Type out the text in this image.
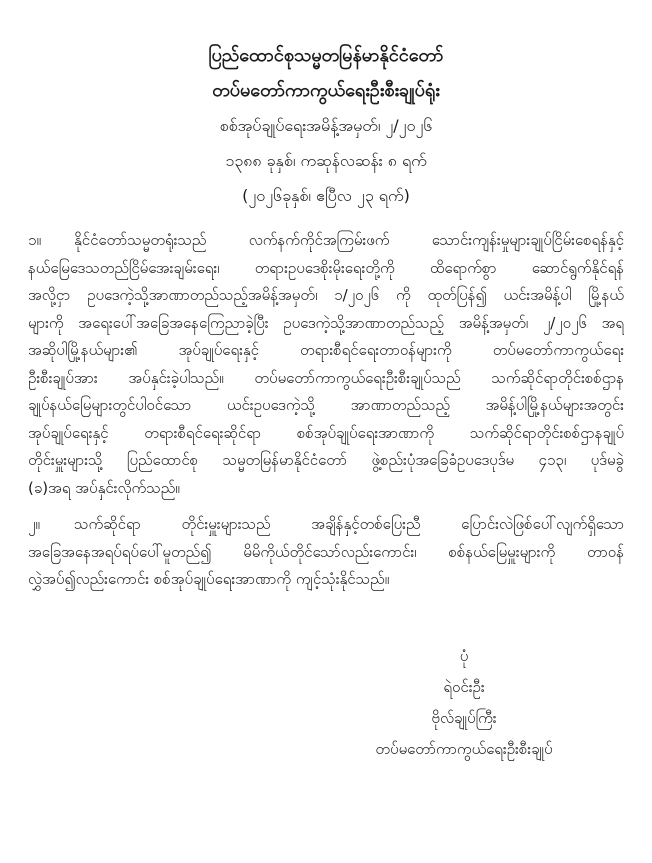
ပြည်ထောင်စုသမ္မတမြန်မာနိုင်ငံတော်
တပ်မတော်ကာကွယ်ရေးဦးစီးချုပ်ရုံး
စစ်အုပ်ချုပ်ရေးအမိန့်အမှတ်၊ ၂/၂၀၂၆
၁၃၈၈ ခုနှစ်၊ ကဆုန်လဆန်း ၈ ရက်
(၂၀၂၆ခုနှစ်၊ ဧပြီလ ၂၃ ရက်)
၁။ နိုင်ငံတော်သမ္မတရုံးသည် လက်နက်ကိုင်အကြမ်းဖက် သောင်းကျန်းမှုများချုပ်ငြိမ်းစေရန်နှင့်
နယ်မြေဒေသတည်ငြိမ်အေးချမ်းရေး၊ တရားဥပဒေစိုးမိုးရေးတို့ကို ထိရောက်စွာ ဆောင်ရွက်နိုင်ရန်
အလို့ငှာ ဥပဒေကဲ့သို့အာဏာတည်သည့်အမိန့်အမှတ်၊ ၁/၂၀၂၆ ကို ထုတ်ပြန်၍ ယင်းအမိန့်ပါ မြို့နယ်
များကို အရေးပေါ်အခြေအနေကြေညာခဲ့ပြီး ဥပဒေကဲ့သို့အာဏာတည်သည့် အမိန့်အမှတ်၊ ၂/၂၀၂၆ အရ
အဆိုပါမြို့နယ်များ၏ အုပ်ချုပ်ရေးနှင့် တရားစီရင်ရေးတာဝန်များကို တပ်မတော်ကာကွယ်ရေး
ဦးစီးချုပ်အား အပ်နှင်းခဲ့ပါသည်။ တပ်မတော်ကာကွယ်ရေးဦးစီးချုပ်သည် သက်ဆိုင်ရာတိုင်းစစ်ဌာန
ချုပ်နယ်မြေများတွင်ပါဝင်သော ယင်းဥပဒေကဲ့သို့ အာဏာတည်သည့် အမိန့်ပါမြို့နယ်များအတွင်း
အုပ်ချုပ်ရေးနှင့် တရားစီရင်ရေးဆိုင်ရာ စစ်အုပ်ချုပ်ရေးအာဏာကို သက်ဆိုင်ရာတိုင်းစစ်ဌာနချုပ်
တိုင်းမှူးများသို့ ပြည်ထောင်စု သမ္မတမြန်မာနိုင်ငံတော် ဖွဲ့စည်းပုံအခြေခံဥပဒေပုဒ်မ ၄၁၃၊ ပုဒ်မခွဲ
(ခ)အရ အပ်နှင်းလိုက်သည်။
၂။ သက်ဆိုင်ရာ တိုင်းမှူးများသည် အချိန်နှင့်တစ်ပြေးညီ ပြောင်းလဲဖြစ်ပေါ်လျက်ရှိသော
အခြေအနေအရပ်ရပ်ပေါ်မူတည်၍ မိမိကိုယ်တိုင်သော်လည်းကောင်း၊ စစ်နယ်မြေမှူးများကို တာဝန်
လွှဲအပ်၍လည်းကောင်း စစ်အုပ်ချုပ်ရေးအာဏာကို ကျင့်သုံးနိုင်သည်။
ပုံ
ရဲဝင်းဦး
ဗိုလ်ချုပ်ကြီး
တပ်မတော်ကာကွယ်ရေးဦးစီးချုပ်
